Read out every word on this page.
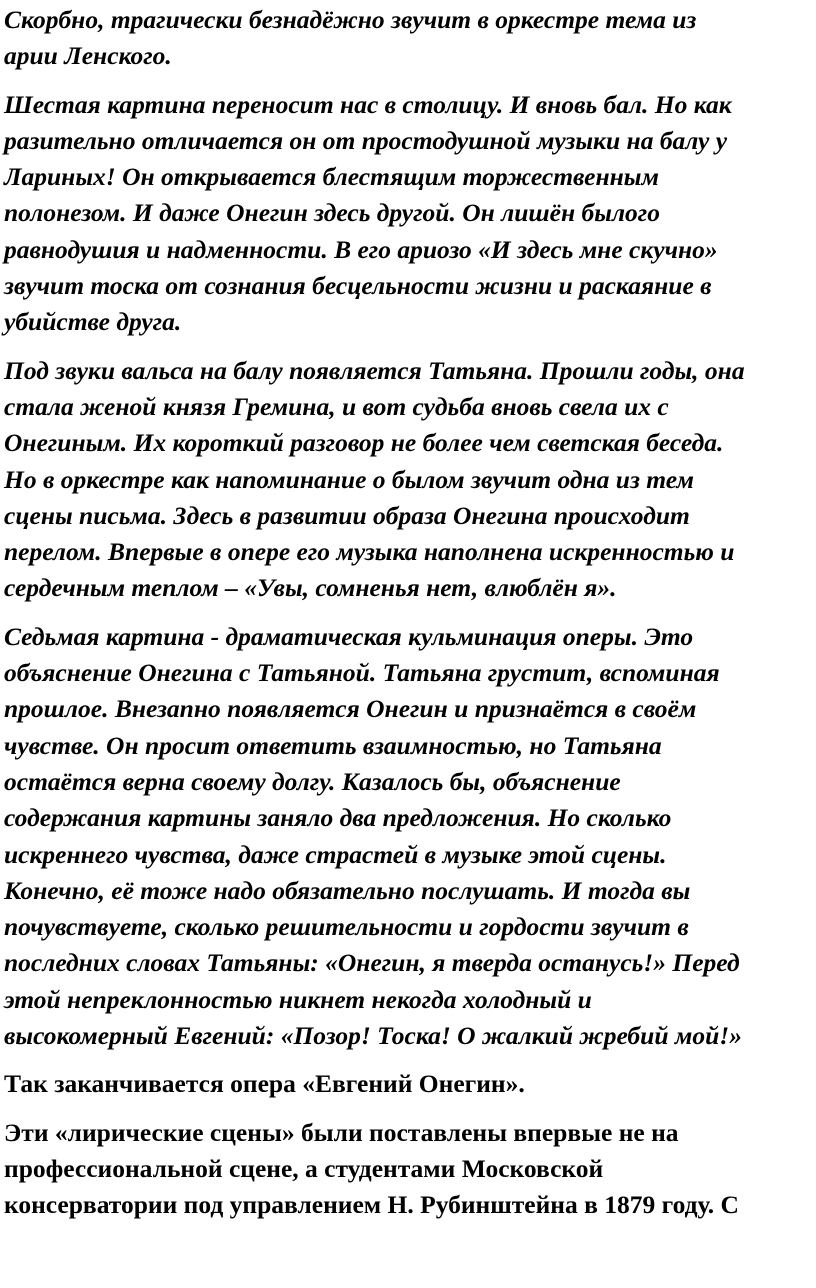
Скорбно, трагически безнадёжно звучит в оркестре тема из
арии Ленского.
Шестая картина переносит нас в столицу. И вновь бал. Но как
разительно отличается он от простодушной музыки на балу у
Лариных! Он открывается блестящим торжественным
полонезом. И даже Онегин здесь другой. Он лишён былого
равнодушия и надменности. В его ариозо «И здесь мне скучно»
звучит тоска от сознания бесцельности жизни и раскаяние в
убийстве друга.
Под звуки вальса на балу появляется Татьяна. Прошли годы, она
стала женой князя Гремина, и вот судьба вновь свела их с
Онегиным. Их короткий разговор не более чем светская беседа.
Но в оркестре как напоминание о былом звучит одна из тем
сцены письма. Здесь в развитии образа Онегина происходит
перелом. Впервые в опере его музыка наполнена искренностью и
сердечным теплом – «Увы, сомненья нет, влюблён я».
Седьмая картина - драматическая кульминация оперы. Это
объяснение Онегина с Татьяной. Татьяна грустит, вспоминая
прошлое. Внезапно появляется Онегин и признаётся в своём
чувстве. Он просит ответить взаимностью, но Татьяна
остаётся верна своему долгу. Казалось бы, объяснение
содержания картины заняло два предложения. Но сколько
искреннего чувства, даже страстей в музыке этой сцены.
Конечно, её тоже надо обязательно послушать. И тогда вы
почувствуете, сколько решительности и гордости звучит в
последних словах Татьяны: «Онегин, я тверда останусь!» Перед
этой непреклонностью никнет некогда холодный и
высокомерный Евгений: «Позор! Тоска! О жалкий жребий мой!»
Так заканчивается опера «Евгений Онегин».
Эти «лирические сцены» были поставлены впервые не на
профессиональной сцене, а студентами Московской
консерватории под управлением Н. Рубинштейна в 1879 году. С
